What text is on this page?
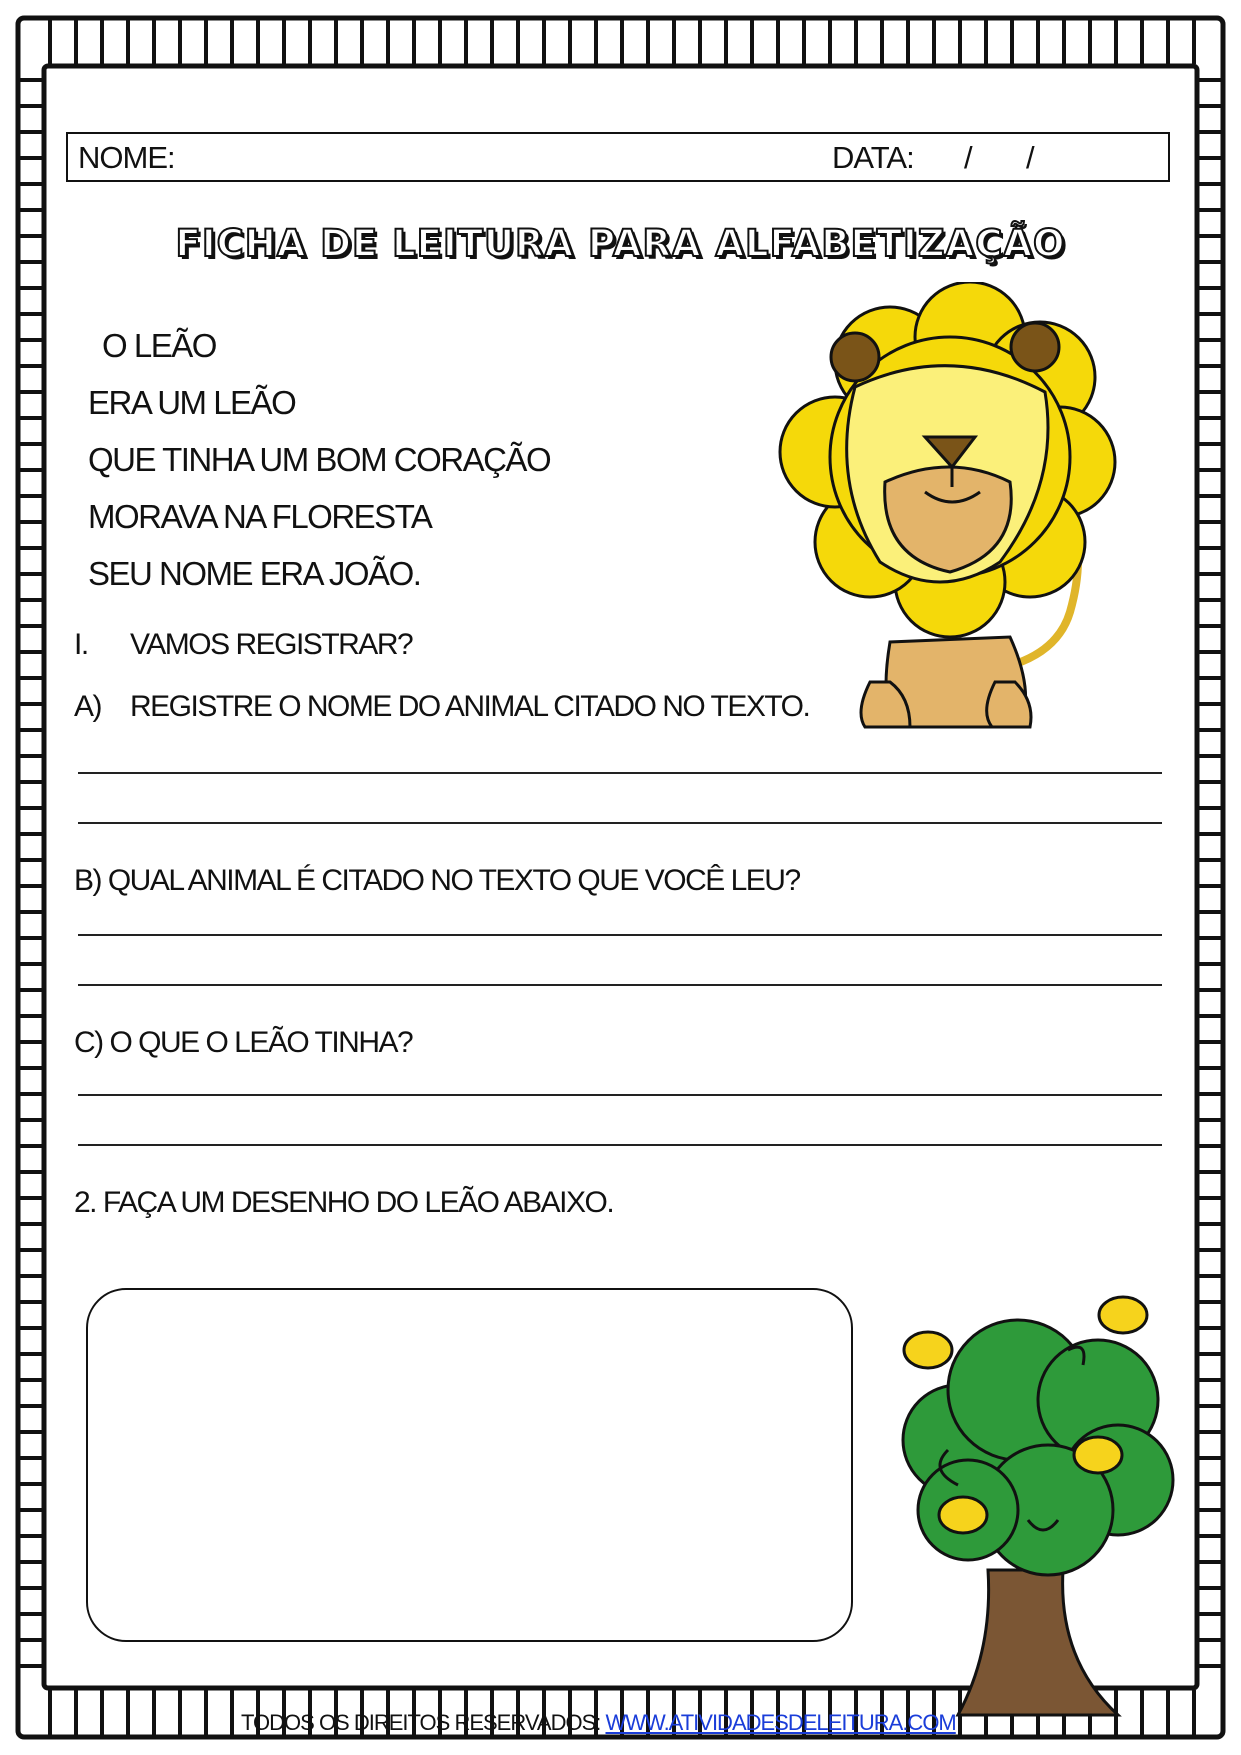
NOME:	DATA: / /
FICHA DE LEITURA PARA ALFABETIZAÇÃO
O LEÃO
ERA UM LEÃO
QUE TINHA UM BOM CORAÇÃO
MORAVA NA FLORESTA
SEU NOME ERA JOÃO.
I. VAMOS REGISTRAR?
A) REGISTRE O NOME DO ANIMAL CITADO NO TEXTO.
B) QUAL ANIMAL É CITADO NO TEXTO QUE VOCÊ LEU?
C) O QUE O LEÃO TINHA?
2. FAÇA UM DESENHO DO LEÃO ABAIXO.
TODOS OS DIREITOS RESERVADOS: WWW.ATIVIDADESDELEITURA.COM
